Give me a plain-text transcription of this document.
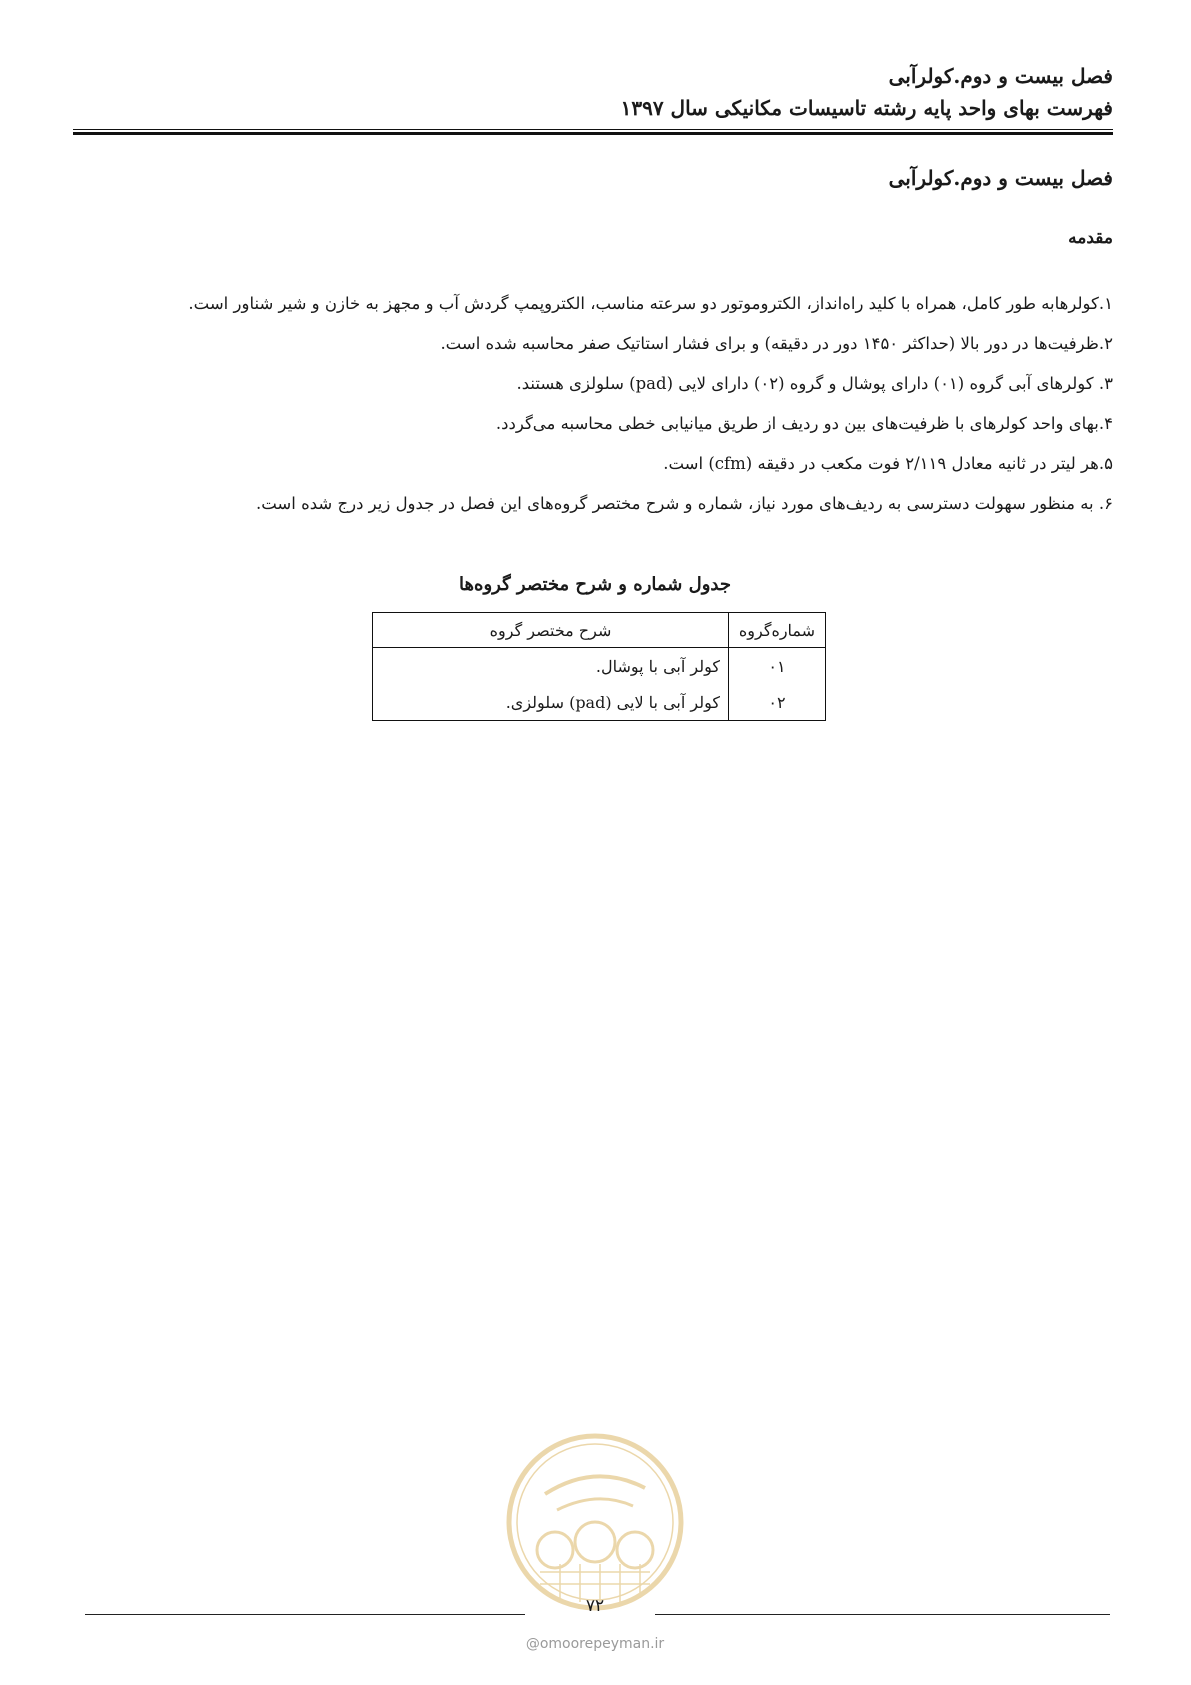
فصل بیست و دوم.کولرآبی
فهرست بهای واحد پایه رشته تاسیسات مکانیکی سال ۱۳۹۷
فصل بیست و دوم.کولرآبی
مقدمه
۱.کولرهابه طور کامل، همراه با کلید راه‌انداز، الکتروموتور دو سرعته مناسب، الکتروپمپ گردش آب و مجهز به خازن و شیر شناور است.
۲.ظرفیت‌ها در دور بالا (حداکثر ۱۴۵۰ دور در دقیقه) و برای فشار استاتیک صفر محاسبه شده است.
۳. کولرهای آبی گروه (۰۱) دارای پوشال و گروه (۰۲) دارای لایی (pad) سلولزی هستند.
۴.بهای واحد کولرهای با ظرفیت‌های بین دو ردیف از طریق میانیابی خطی محاسبه می‌گردد.
۵.هر لیتر در ثانیه معادل ۲/۱۱۹ فوت مکعب در دقیقه (cfm) است.
۶. به منظور سهولت دسترسی به ردیف‌های مورد نیاز، شماره و شرح مختصر گروه‌های این فصل در جدول زیر درج شده است.
جدول شماره و شرح مختصر گروه‌ها
شماره‌گروه	شرح مختصر گروه
۰۱	کولر آبی با پوشال.
۰۲	کولر آبی با لایی (pad) سلولزی.
۷۲
@omoorepeyman.ir
